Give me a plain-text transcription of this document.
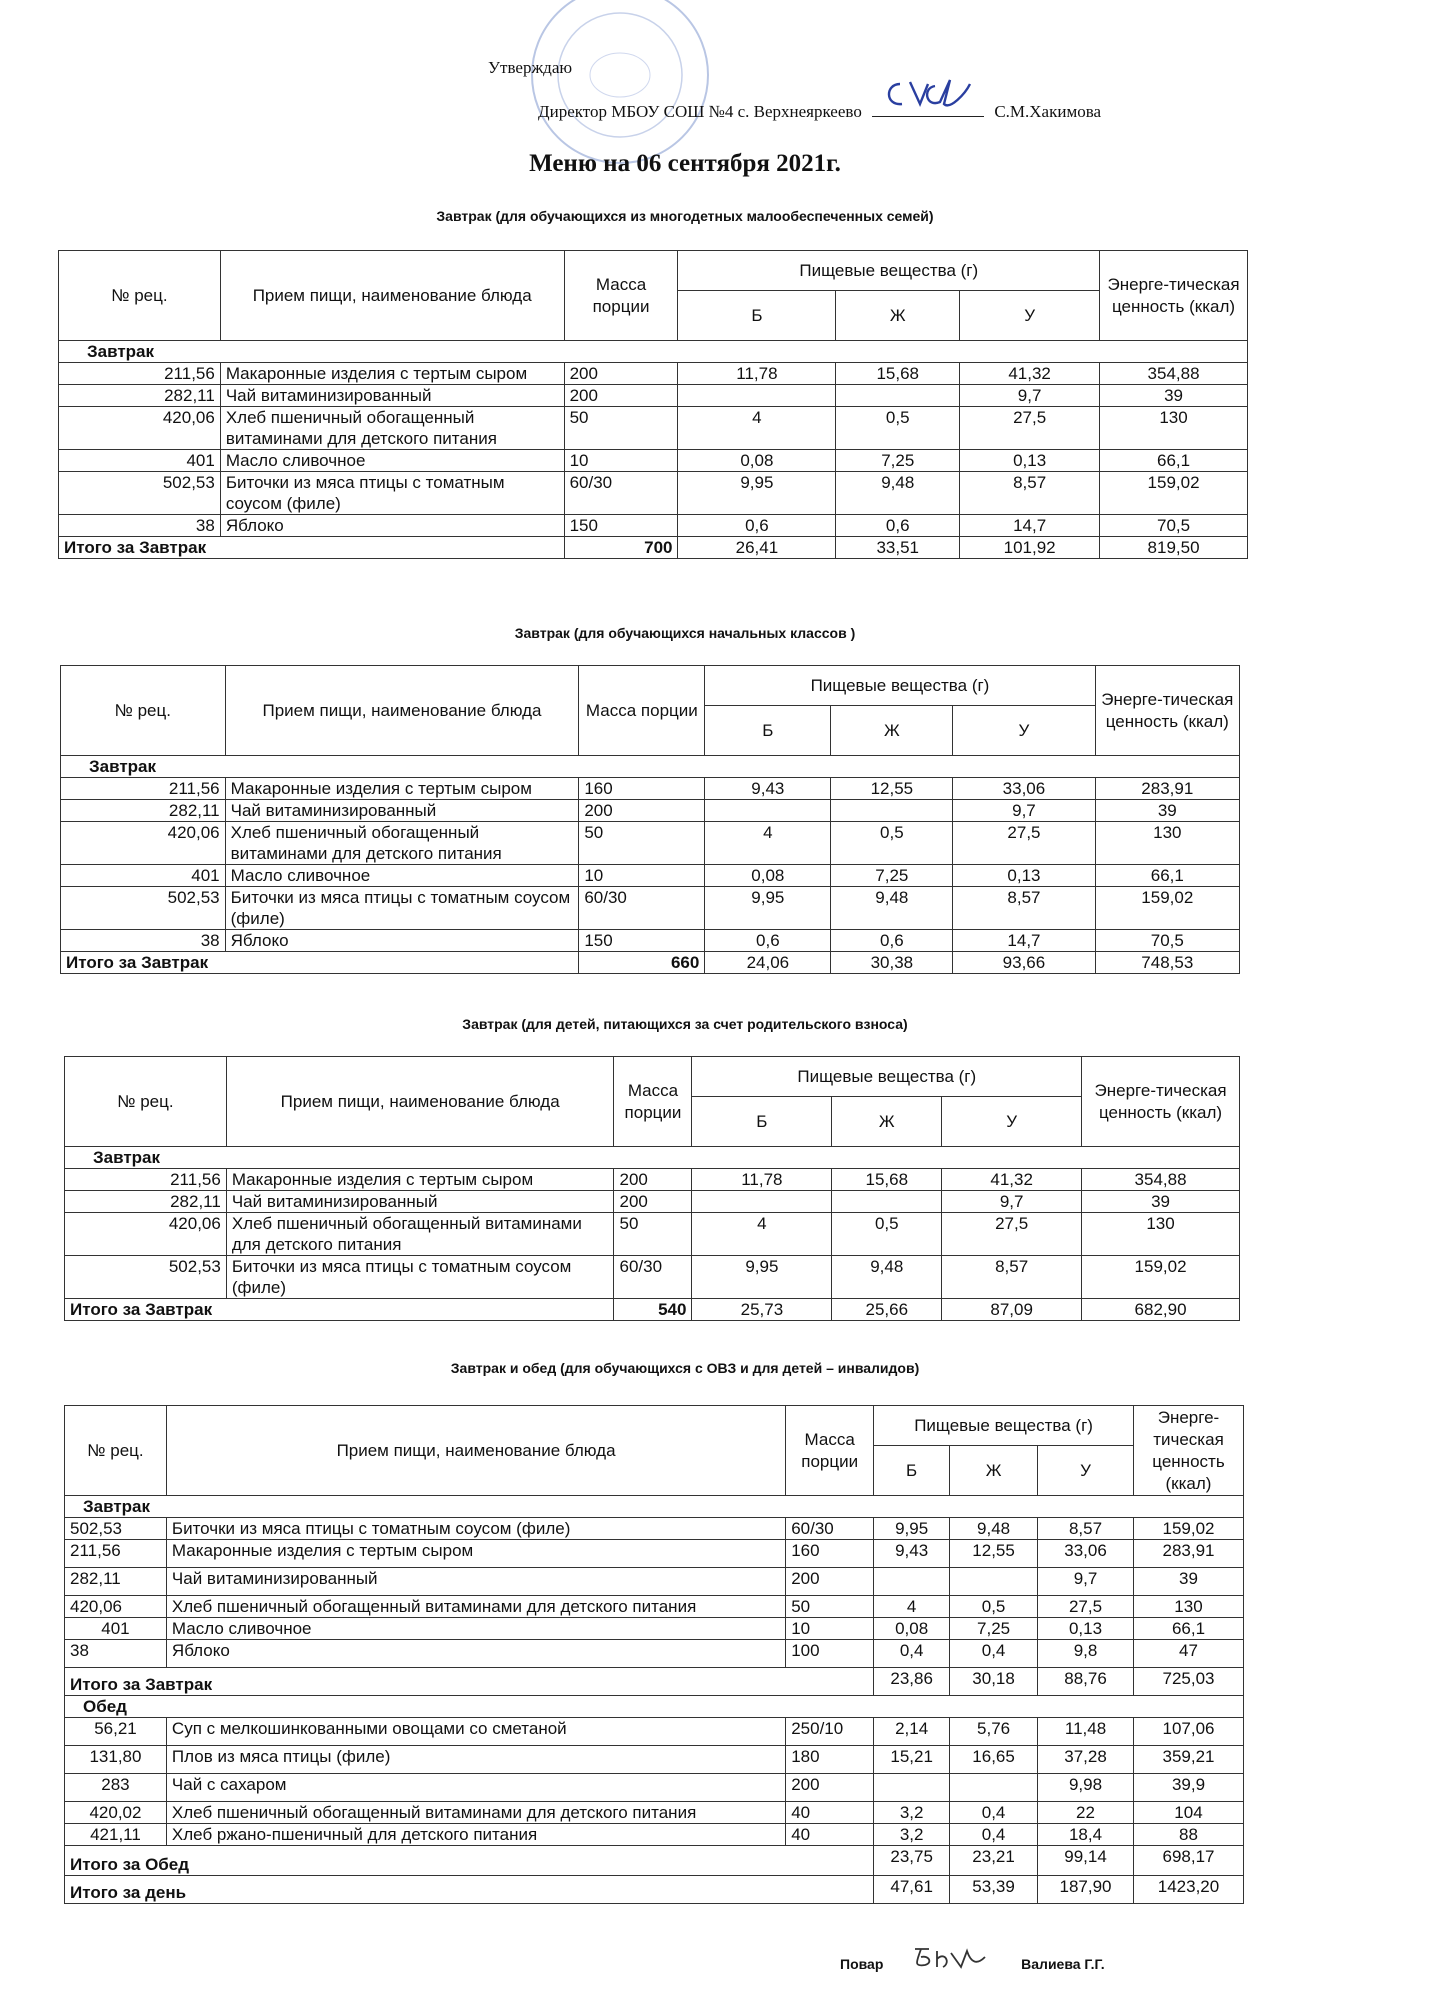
Утверждаю
Директор МБОУ СОШ №4 с. Верхнеяркеево	С.М.Хакимова
Меню на 06 сентября 2021г.
Завтрак (для обучающихся из многодетных малообеспеченных семей)
№ рец.	Прием пищи, наименование блюда	Масса порции	Пищевые вещества (г)			Энерге-тическая ценность (ккал)
			Б	Ж	У	
Завтрак						
211,56	Макаронные изделия с тертым сыром	200	11,78	15,68	41,32	354,88
282,11	Чай витаминизированный	200			9,7	39
420,06	Хлеб пшеничный обогащенный витаминами для детского питания	50	4	0,5	27,5	130
401	Масло сливочное	10	0,08	7,25	0,13	66,1
502,53	Биточки из мяса птицы с томатным соусом (филе)	60/30	9,95	9,48	8,57	159,02
38	Яблоко	150	0,6	0,6	14,7	70,5
Итого за Завтрак		700	26,41	33,51	101,92	819,50
Завтрак (для обучающихся начальных классов )
№ рец.	Прием пищи, наименование блюда	Масса порции	Пищевые вещества (г)			Энерге-тическая ценность (ккал)
			Б	Ж	У	
Завтрак						
211,56	Макаронные изделия с тертым сыром	160	9,43	12,55	33,06	283,91
282,11	Чай витаминизированный	200			9,7	39
420,06	Хлеб пшеничный обогащенный витаминами для детского питания	50	4	0,5	27,5	130
401	Масло сливочное	10	0,08	7,25	0,13	66,1
502,53	Биточки из мяса птицы с томатным соусом (филе)	60/30	9,95	9,48	8,57	159,02
38	Яблоко	150	0,6	0,6	14,7	70,5
Итого за Завтрак		660	24,06	30,38	93,66	748,53
Завтрак (для детей, питающихся за счет родительского взноса)
№ рец.	Прием пищи, наименование блюда	Масса порции	Пищевые вещества (г)			Энерге-тическая ценность (ккал)
			Б	Ж	У	
Завтрак						
211,56	Макаронные изделия с тертым сыром	200	11,78	15,68	41,32	354,88
282,11	Чай витаминизированный	200			9,7	39
420,06	Хлеб пшеничный обогащенный витаминами для детского питания	50	4	0,5	27,5	130
502,53	Биточки из мяса птицы с томатным соусом (филе)	60/30	9,95	9,48	8,57	159,02
Итого за Завтрак		540	25,73	25,66	87,09	682,90
Завтрак и обед (для обучающихся с ОВЗ и для детей – инвалидов)
№ рец.	Прием пищи, наименование блюда	Масса порции	Пищевые вещества (г)			Энерге-тическая ценность (ккал)
			Б	Ж	У	
Завтрак						
502,53	Биточки из мяса птицы с томатным соусом (филе)	60/30	9,95	9,48	8,57	159,02
211,56	Макаронные изделия с тертым сыром	160	9,43	12,55	33,06	283,91
282,11	Чай витаминизированный	200			9,7	39
420,06	Хлеб пшеничный обогащенный витаминами для детского питания	50	4	0,5	27,5	130
401	Масло сливочное	10	0,08	7,25	0,13	66,1
38	Яблоко	100	0,4	0,4	9,8	47
Итого за Завтрак			23,86	30,18	88,76	725,03
Обед						
56,21	Суп с мелкошинкованными овощами со сметаной	250/10	2,14	5,76	11,48	107,06
131,80	Плов из мяса птицы (филе)	180	15,21	16,65	37,28	359,21
283	Чай с сахаром	200			9,98	39,9
420,02	Хлеб пшеничный обогащенный витаминами для детского питания	40	3,2	0,4	22	104
421,11	Хлеб ржано-пшеничный для детского питания	40	3,2	0,4	18,4	88
Итого за Обед			23,75	23,21	99,14	698,17
Итого за день			47,61	53,39	187,90	1423,20
Повар	Валиева Г.Г.
